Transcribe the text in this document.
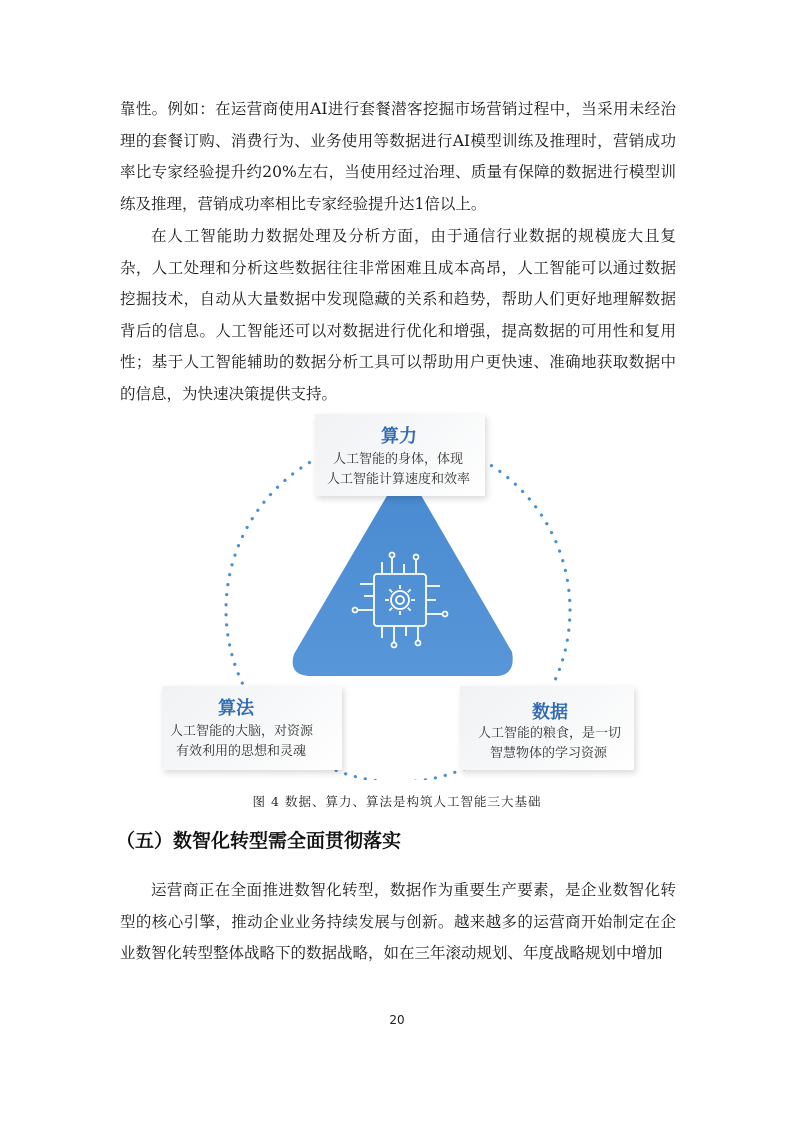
靠性。例如：在运营商使用AI进行套餐潜客挖掘市场营销过程中，当采用未经治理的套餐订购、消费行为、业务使用等数据进行AI模型训练及推理时，营销成功率比专家经验提升约20%左右，当使用经过治理、质量有保障的数据进行模型训练及推理，营销成功率相比专家经验提升达1倍以上。

在人工智能助力数据处理及分析方面，由于通信行业数据的规模庞大且复杂，人工处理和分析这些数据往往非常困难且成本高昂，人工智能可以通过数据挖掘技术，自动从大量数据中发现隐藏的关系和趋势，帮助人们更好地理解数据背后的信息。人工智能还可以对数据进行优化和增强，提高数据的可用性和复用性；基于人工智能辅助的数据分析工具可以帮助用户更快速、准确地获取数据中的信息，为快速决策提供支持。

算力
人工智能的身体，体现
人工智能计算速度和效率
算法
人工智能的大脑，对资源
有效利用的思想和灵魂
数据
人工智能的粮食，是一切
智慧物体的学习资源
图 4 数据、算力、算法是构筑人工智能三大基础
（五）数智化转型需全面贯彻落实

运营商正在全面推进数智化转型，数据作为重要生产要素，是企业数智化转型的核心引擎，推动企业业务持续发展与创新。越来越多的运营商开始制定在企业数智化转型整体战略下的数据战略，如在三年滚动规划、年度战略规划中增加

20
